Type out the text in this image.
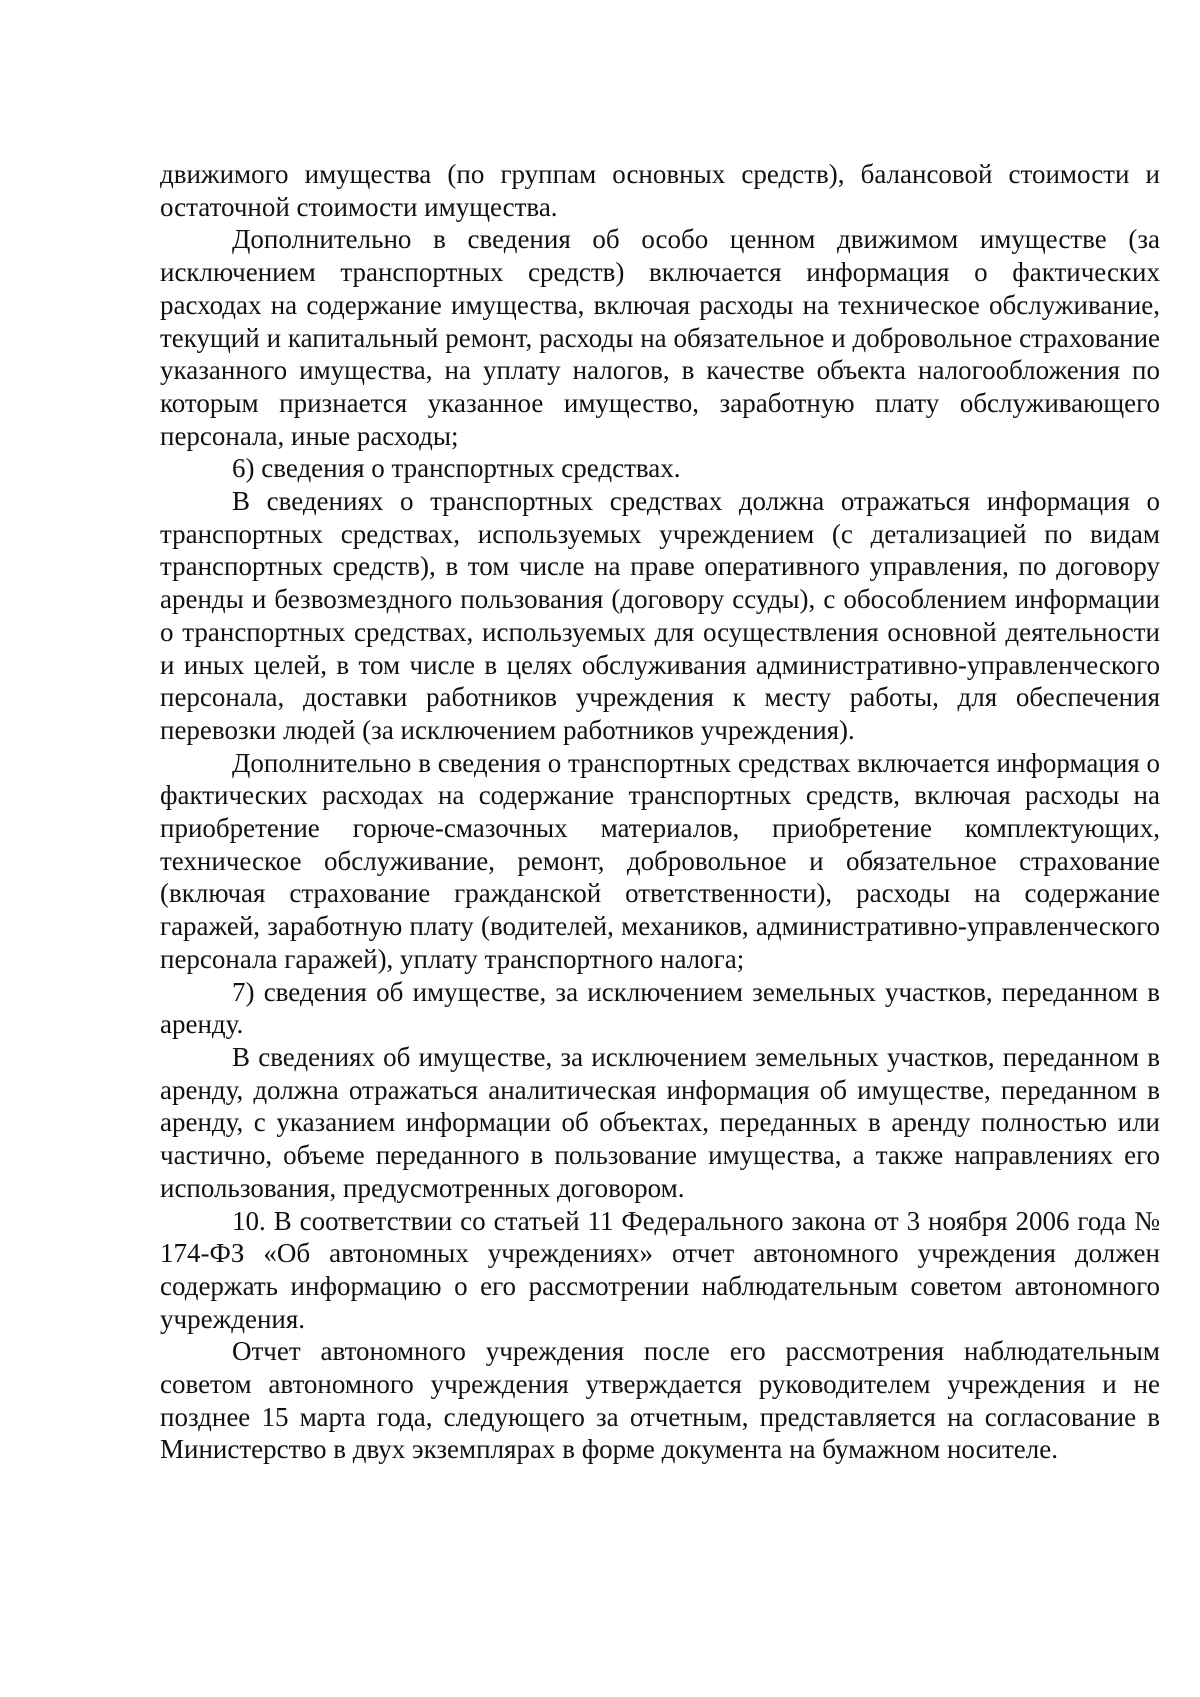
движимого имущества (по группам основных средств), балансовой стоимости и остаточной стоимости имущества.

Дополнительно в сведения об особо ценном движимом имуществе (за исключением транспортных средств) включается информация о фактических расходах на содержание имущества, включая расходы на техническое обслуживание, текущий и капитальный ремонт, расходы на обязательное и добровольное страхование указанного имущества, на уплату налогов, в качестве объекта налогообложения по которым признается указанное имущество, заработную плату обслуживающего персонала, иные расходы;

6) сведения о транспортных средствах.

В сведениях о транспортных средствах должна отражаться информация о транспортных средствах, используемых учреждением (с детализацией по видам транспортных средств), в том числе на праве оперативного управления, по договору аренды и безвозмездного пользования (договору ссуды), с обособлением информации о транспортных средствах, используемых для осуществления основной деятельности и иных целей, в том числе в целях обслуживания административно-управленческого персонала, доставки работников учреждения к месту работы, для обеспечения перевозки людей (за исключением работников учреждения).

Дополнительно в сведения о транспортных средствах включается информация о фактических расходах на содержание транспортных средств, включая расходы на приобретение горюче-смазочных материалов, приобретение комплектующих, техническое обслуживание, ремонт, добровольное и обязательное страхование (включая страхование гражданской ответственности), расходы на содержание гаражей, заработную плату (водителей, механиков, административно-управленческого персонала гаражей), уплату транспортного налога;

7) сведения об имуществе, за исключением земельных участков, переданном в аренду.

В сведениях об имуществе, за исключением земельных участков, переданном в аренду, должна отражаться аналитическая информация об имуществе, переданном в аренду, с указанием информации об объектах, переданных в аренду полностью или частично, объеме переданного в пользование имущества, а также направлениях его использования, предусмотренных договором.

10. В соответствии со статьей 11 Федерального закона от 3 ноября 2006 года № 174-ФЗ «Об автономных учреждениях» отчет автономного учреждения должен содержать информацию о его рассмотрении наблюдательным советом автономного учреждения.

Отчет автономного учреждения после его рассмотрения наблюдательным советом автономного учреждения утверждается руководителем учреждения и не позднее 15 марта года, следующего за отчетным, представляется на согласование в Министерство в двух экземплярах в форме документа на бумажном носителе.
